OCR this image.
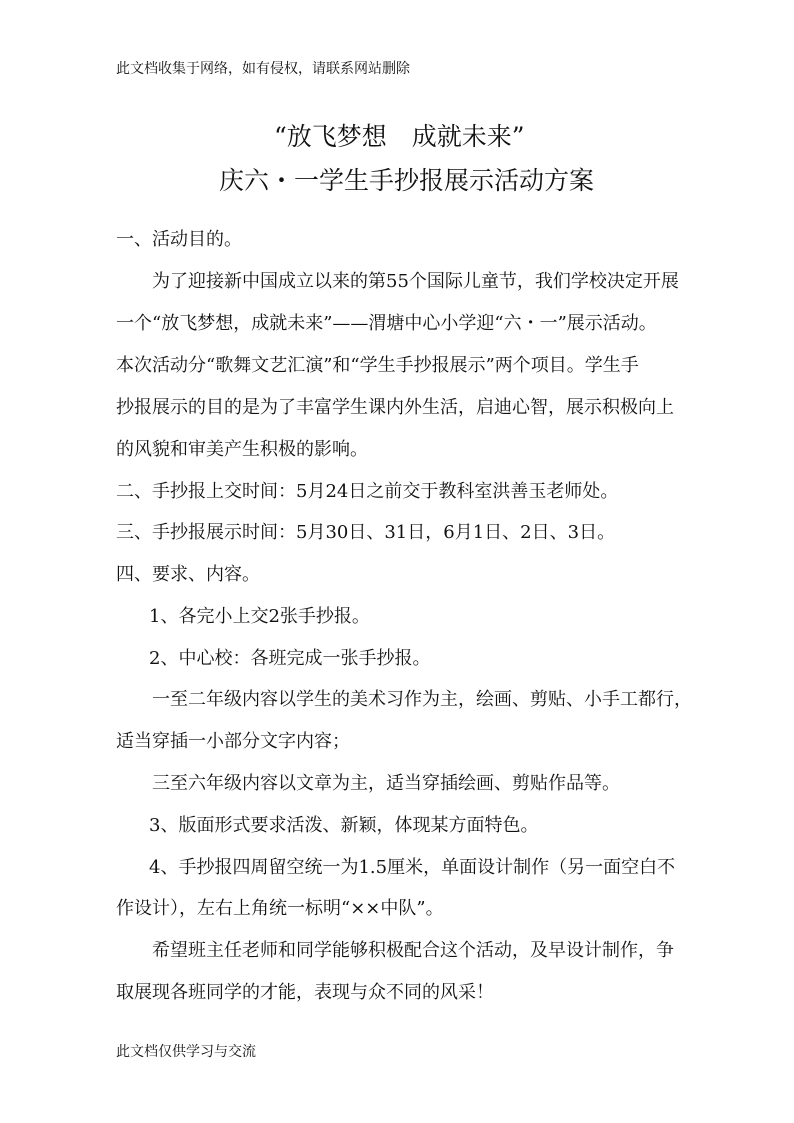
此文档收集于网络，如有侵权，请联系网站删除

“放飞梦想　成就未来”

庆六・一学生手抄报展示活动方案

一、活动目的。

为了迎接新中国成立以来的第55个国际儿童节，我们学校决定开展

一个“放飞梦想，成就未来”——渭塘中心小学迎“六・一”展示活动。

本次活动分“歌舞文艺汇演”和“学生手抄报展示”两个项目。学生手

抄报展示的目的是为了丰富学生课内外生活，启迪心智，展示积极向上

的风貌和审美产生积极的影响。

二、手抄报上交时间：5月24日之前交于教科室洪善玉老师处。

三、手抄报展示时间：5月30日、31日，6月1日、2日、3日。

四、要求、内容。

1、各完小上交2张手抄报。

2、中心校：各班完成一张手抄报。

一至二年级内容以学生的美术习作为主，绘画、剪贴、小手工都行，

适当穿插一小部分文字内容；

三至六年级内容以文章为主，适当穿插绘画、剪贴作品等。

3、版面形式要求活泼、新颖，体现某方面特色。

4、手抄报四周留空统一为1.5厘米，单面设计制作（另一面空白不

作设计），左右上角统一标明“××中队”。

希望班主任老师和同学能够积极配合这个活动，及早设计制作，争

取展现各班同学的才能，表现与众不同的风采！

此文档仅供学习与交流
